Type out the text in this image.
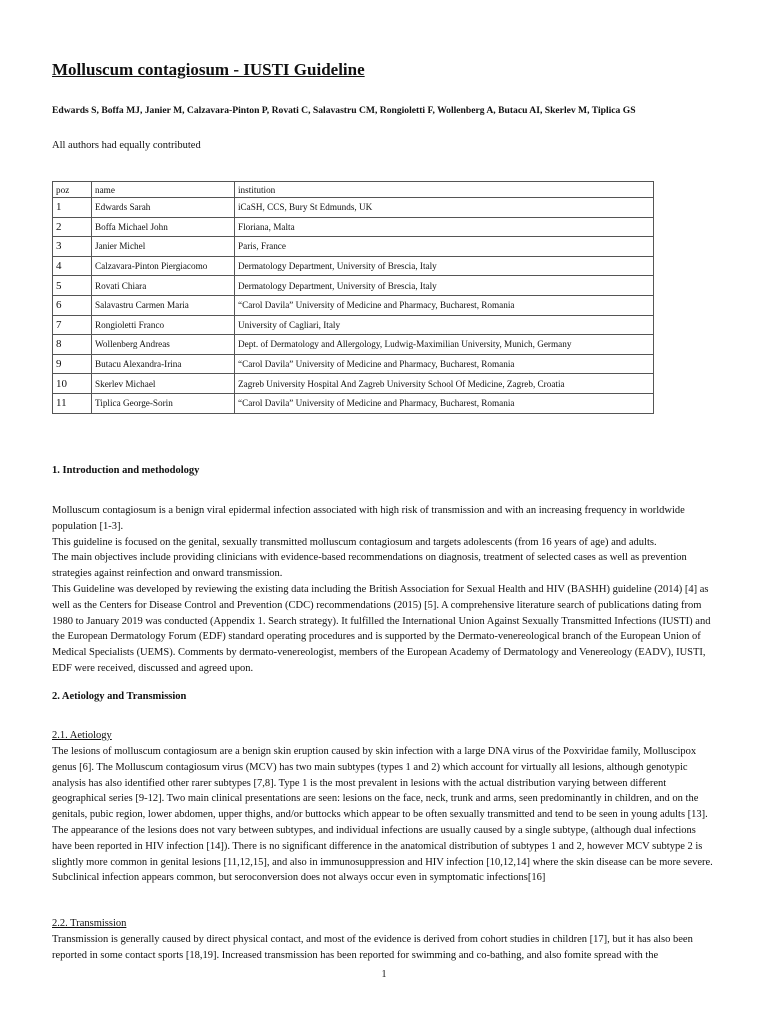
Molluscum contagiosum - IUSTI Guideline
Edwards S, Boffa MJ, Janier M, Calzavara-Pinton P, Rovati C, Salavastru CM, Rongioletti F, Wollenberg A, Butacu AI, Skerlev M, Tiplica GS
All authors had equally contributed
poz	name	institution
1	Edwards Sarah	iCaSH, CCS, Bury St Edmunds, UK
2	Boffa Michael John	Floriana, Malta
3	Janier Michel	Paris, France
4	Calzavara-Pinton Piergiacomo	Dermatology Department, University of Brescia, Italy
5	Rovati Chiara	Dermatology Department, University of Brescia, Italy
6	Salavastru Carmen Maria	“Carol Davila” University of Medicine and Pharmacy, Bucharest, Romania
7	Rongioletti Franco	University of Cagliari, Italy
8	Wollenberg Andreas	Dept. of Dermatology and Allergology, Ludwig-Maximilian University, Munich, Germany
9	Butacu Alexandra-Irina	“Carol Davila” University of Medicine and Pharmacy, Bucharest, Romania
10	Skerlev Michael	Zagreb University Hospital And Zagreb University School Of Medicine, Zagreb, Croatia
11	Tiplica George-Sorin	“Carol Davila” University of Medicine and Pharmacy, Bucharest, Romania
1. Introduction and methodology

Molluscum contagiosum is a benign viral epidermal infection associated with high risk of transmission and with an increasing frequency in worldwide population [1-3].

This guideline is focused on the genital, sexually transmitted molluscum contagiosum and targets adolescents (from 16 years of age) and adults.

The main objectives include providing clinicians with evidence-based recommendations on diagnosis, treatment of selected cases as well as prevention strategies against reinfection and onward transmission.

This Guideline was developed by reviewing the existing data including the British Association for Sexual Health and HIV (BASHH) guideline (2014) [4] as well as the Centers for Disease Control and Prevention (CDC) recommendations (2015) [5]. A comprehensive literature search of publications dating from 1980 to January 2019 was conducted (Appendix 1. Search strategy). It fulfilled the International Union Against Sexually Transmitted Infections (IUSTI) and the European Dermatology Forum (EDF) standard operating procedures and is supported by the Dermato-venereological branch of the European Union of Medical Specialists (UEMS). Comments by dermato-venereologist, members of the European Academy of Dermatology and Venereology (EADV), IUSTI, EDF were received, discussed and agreed upon.

2. Aetiology and Transmission
2.1. Aetiology

The lesions of molluscum contagiosum are a benign skin eruption caused by skin infection with a large DNA virus of the Poxviridae family, Molluscipox genus [6]. The Molluscum contagiosum virus (MCV) has two main subtypes (types 1 and 2) which account for virtually all lesions, although genotypic analysis has also identified other rarer subtypes [7,8]. Type 1 is the most prevalent in lesions with the actual distribution varying between different geographical series [9-12]. Two main clinical presentations are seen: lesions on the face, neck, trunk and arms, seen predominantly in children, and on the genitals, pubic region, lower abdomen, upper thighs, and/or buttocks which appear to be often sexually transmitted and tend to be seen in young adults [13]. The appearance of the lesions does not vary between subtypes, and individual infections are usually caused by a single subtype, (although dual infections have been reported in HIV infection [14]). There is no significant difference in the anatomical distribution of subtypes 1 and 2, however MCV subtype 2 is slightly more common in genital lesions [11,12,15], and also in immunosuppression and HIV infection [10,12,14] where the skin disease can be more severe. Subclinical infection appears common, but seroconversion does not always occur even in symptomatic infections[16]

2.2. Transmission

Transmission is generally caused by direct physical contact, and most of the evidence is derived from cohort studies in children [17], but it has also been reported in some contact sports [18,19]. Increased transmission has been reported for swimming and co-bathing, and also fomite spread with the

1
